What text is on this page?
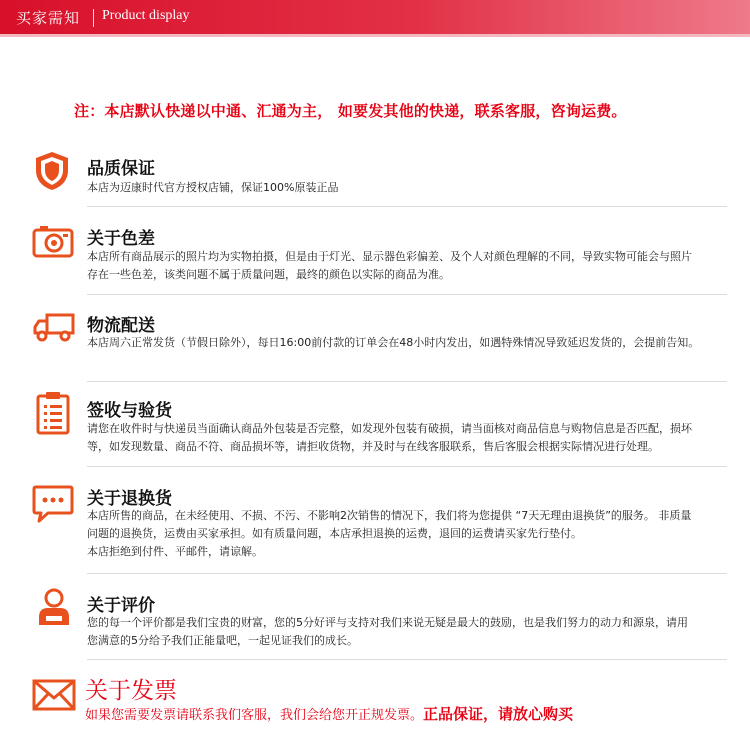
买家需知 Product display
注：本店默认快递以中通、汇通为主， 如要发其他的快递，联系客服，咨询运费。
品质保证
本店为迈康时代官方授权店铺，保证100%原装正品
关于色差
本店所有商品展示的照片均为实物拍摄，但是由于灯光、显示器色彩偏差、及个人对颜色理解的不同，导致实物可能会与照片
存在一些色差，该类问题不属于质量问题，最终的颜色以实际的商品为准。
物流配送
本店周六正常发货（节假日除外），每日16:00前付款的订单会在48小时内发出，如遇特殊情况导致延迟发货的，会提前告知。
签收与验货
请您在收件时与快递员当面确认商品外包装是否完整，如发现外包装有破损，请当面核对商品信息与购物信息是否匹配，损坏
等，如发现数量、商品不符、商品损坏等，请拒收货物，并及时与在线客服联系，售后客服会根据实际情况进行处理。
关于退换货
本店所售的商品，在未经使用、不损、不污、不影响2次销售的情况下，我们将为您提供 “7天无理由退换货”的服务。 非质量
问题的退换货，运费由买家承担。如有质量问题，本店承担退换的运费，退回的运费请买家先行垫付。
本店拒绝到付件、平邮件，请谅解。
关于评价
您的每一个评价都是我们宝贵的财富，您的5分好评与支持对我们来说无疑是最大的鼓励，也是我们努力的动力和源泉，请用
您满意的5分给予我们正能量吧，一起见证我们的成长。
关于发票
如果您需要发票请联系我们客服，我们会给您开正规发票。正品保证，请放心购买
